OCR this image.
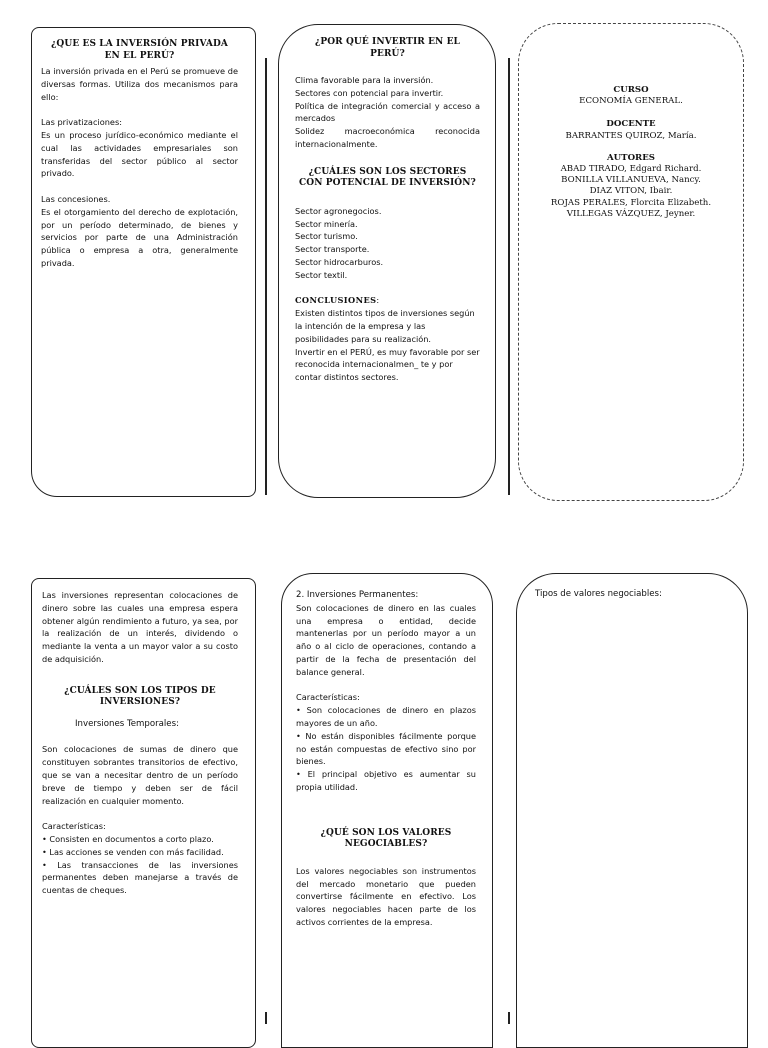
¿QUE ES LA INVERSIÓN PRIVADA EN EL PERÚ?

La inversión privada en el Perú se promueve de diversas formas. Utiliza dos mecanismos para ello:

Las privatizaciones:

Es un proceso jurídico-económico mediante el cual las actividades empresariales son transferidas del sector público al sector privado.

Las concesiones.

Es el otorgamiento del derecho de explotación, por un período determinado, de bienes y servicios por parte de una Administración pública o empresa a otra, generalmente privada.

¿POR QUÉ INVERTIR EN EL PERÚ?

Clima favorable para la inversión.

Sectores con potencial para invertir.

Política de integración comercial y acceso a mercados

Solidez macroeconómica reconocida internacionalmente.

¿CUÁLES SON LOS SECTORES CON POTENCIAL DE INVERSIÓN?

Sector agronegocios.

Sector minería.

Sector turismo.

Sector transporte.

Sector hidrocarburos.

Sector textil.

CONCLUSIONES:

Existen distintos tipos de inversiones según la intención de la empresa y las posibilidades para su realización.

Invertir en el PERÚ, es muy favorable por ser reconocida internacionalmen_ te y por contar distintos sectores.

CURSO

ECONOMÍA GENERAL.

DOCENTE

BARRANTES QUIROZ, María.

AUTORES

ABAD TIRADO, Edgard Richard.

BONILLA VILLANUEVA, Nancy.

DIAZ VITON, Ibair.

ROJAS PERALES, Florcita Elizabeth.

VILLEGAS VÁZQUEZ, Jeyner.

Las inversiones representan colocaciones de dinero sobre las cuales una empresa espera obtener algún rendimiento a futuro, ya sea, por la realización de un interés, dividendo o mediante la venta a un mayor valor a su costo de adquisición.

¿CUÁLES SON LOS TIPOS DE INVERSIONES?

Inversiones Temporales:

Son colocaciones de sumas de dinero que constituyen sobrantes transitorios de efectivo, que se van a necesitar dentro de un período breve de tiempo y deben ser de fácil realización en cualquier momento.

Características:

• Consisten en documentos a corto plazo.

• Las acciones se venden con más facilidad.

• Las transacciones de las inversiones permanentes deben manejarse a través de cuentas de cheques.

2. Inversiones Permanentes:

Son colocaciones de dinero en las cuales una empresa o entidad, decide mantenerlas por un período mayor a un año o al ciclo de operaciones, contando a partir de la fecha de presentación del balance general.

Características:

• Son colocaciones de dinero en plazos mayores de un año.

• No están disponibles fácilmente porque no están compuestas de efectivo sino por bienes.

• El principal objetivo es aumentar su propia utilidad.

¿QUÉ SON LOS VALORES NEGOCIABLES?

Los valores negociables son instrumentos del mercado monetario que pueden convertirse fácilmente en efectivo. Los valores negociables hacen parte de los activos corrientes de la empresa.

Tipos de valores negociables:
